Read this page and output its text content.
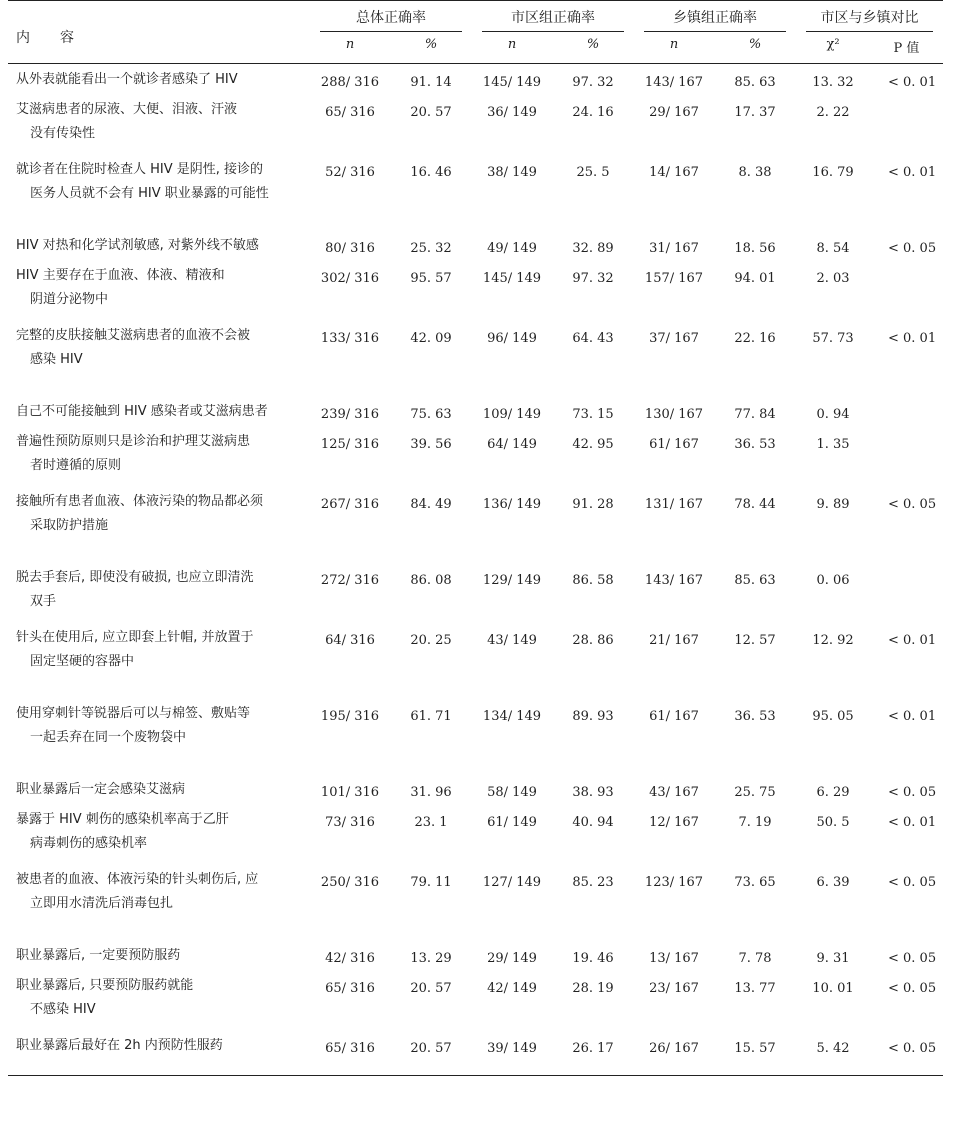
内　容	总体正确率		市区组正确率		乡镇组正确率		市区与乡镇对比	

	n	%	n	%	n	%	χ²	P 值
从外表就能看出一个就诊者感染了 HIV	288/ 316	91. 14	145/ 149	97. 32	143/ 167	85. 63	13. 32	< 0. 01
艾滋病患者的尿液、大便、泪液、汗液
没有传染性	65/ 316	20. 57	36/ 149	24. 16	29/ 167	17. 37	2. 22	
就诊者在住院时检查人 HIV 是阴性, 接诊的
医务人员就不会有 HIV 职业暴露的可能性	52/ 316	16. 46	38/ 149	25. 5	14/ 167	8. 38	16. 79	< 0. 01
HIV 对热和化学试剂敏感, 对紫外线不敏感	80/ 316	25. 32	49/ 149	32. 89	31/ 167	18. 56	8. 54	< 0. 05
HIV 主要存在于血液、体液、精液和
阴道分泌物中	302/ 316	95. 57	145/ 149	97. 32	157/ 167	94. 01	2. 03	
完整的皮肤接触艾滋病患者的血液不会被
感染 HIV	133/ 316	42. 09	96/ 149	64. 43	37/ 167	22. 16	57. 73	< 0. 01
自己不可能接触到 HIV 感染者或艾滋病患者	239/ 316	75. 63	109/ 149	73. 15	130/ 167	77. 84	0. 94	
普遍性预防原则只是诊治和护理艾滋病患
者时遵循的原则	125/ 316	39. 56	64/ 149	42. 95	61/ 167	36. 53	1. 35	
接触所有患者血液、体液污染的物品都必须
采取防护措施	267/ 316	84. 49	136/ 149	91. 28	131/ 167	78. 44	9. 89	< 0. 05
脱去手套后, 即使没有破损, 也应立即清洗
双手	272/ 316	86. 08	129/ 149	86. 58	143/ 167	85. 63	0. 06	
针头在使用后, 应立即套上针帽, 并放置于
固定坚硬的容器中	64/ 316	20. 25	43/ 149	28. 86	21/ 167	12. 57	12. 92	< 0. 01
使用穿刺针等锐器后可以与棉签、敷贴等
一起丢弃在同一个废物袋中	195/ 316	61. 71	134/ 149	89. 93	61/ 167	36. 53	95. 05	< 0. 01
职业暴露后一定会感染艾滋病	101/ 316	31. 96	58/ 149	38. 93	43/ 167	25. 75	6. 29	< 0. 05
暴露于 HIV 刺伤的感染机率高于乙肝
病毒刺伤的感染机率	73/ 316	23. 1	61/ 149	40. 94	12/ 167	7. 19	50. 5	< 0. 01
被患者的血液、体液污染的针头刺伤后, 应
立即用水清洗后消毒包扎	250/ 316	79. 11	127/ 149	85. 23	123/ 167	73. 65	6. 39	< 0. 05
职业暴露后, 一定要预防服药	42/ 316	13. 29	29/ 149	19. 46	13/ 167	7. 78	9. 31	< 0. 05
职业暴露后, 只要预防服药就能
不感染 HIV	65/ 316	20. 57	42/ 149	28. 19	23/ 167	13. 77	10. 01	< 0. 05
职业暴露后最好在 2h 内预防性服药	65/ 316	20. 57	39/ 149	26. 17	26/ 167	15. 57	5. 42	< 0. 05
